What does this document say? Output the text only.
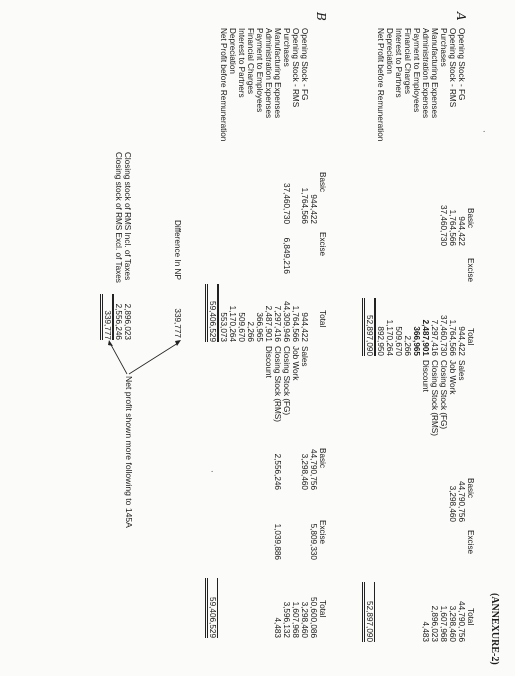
(ANNEXURE-2)
A
Basic
Excise
Total
Basic
Excise
Total
Opening Stock - FG
Opening Stock - RMS
Purchases
Manufacturing Expenses
Administration Expenses
Payment to Employees
Financial Charges
Interest to Partners
Depreciation
Net Profit before Remuneration
944,422
1,764,566
37,460,730
944,422
1,764,566
37,460,730
7,297,416
2,487,901
366,965
2,266
509,670
1,170,264
892,950
52,897,090
Sales
Job Work
Closing Stock (FG)
Closing Stock (RMS)
Discount
44,790,756
3,298,460
44,790,756
3,298,460
1,607,968
2,896,023
4,483
52,897,090
B
Basic
Excise
Total
Basic
Excise
Total
Opening Stock - FG
Opening Stock - RMS
Purchases
Manufacturing Expenses
Administration Expenses
Payment to Employees
Financial Charges
Interest to Partners
Depreciation
Net Profit before Remuneration
944,422
1,764,566
37,460,730
6,849,216
944,422
1,764,566
44,309,946
7,297,416
2,487,901
366,965
2,266
509,670
1,170,264
553,073
59,406,529
Sales
Job Work
Closing Stock (FG)
Closing Stock (RMS)
Discount
44,790,756
3,298,460
2,556,246
5,809,330
1,039,886
50,600,086
3,298,460
1,607,968
3,596,132
4,483
59,406,529
Difference In NP
339,777
Closing stock of RMS Incl. of Taxes
2,896,023
Closing stock of RMS Excl. of Taxes
2,556,246
339,777
Net profit shown more following to 145A	·
·
